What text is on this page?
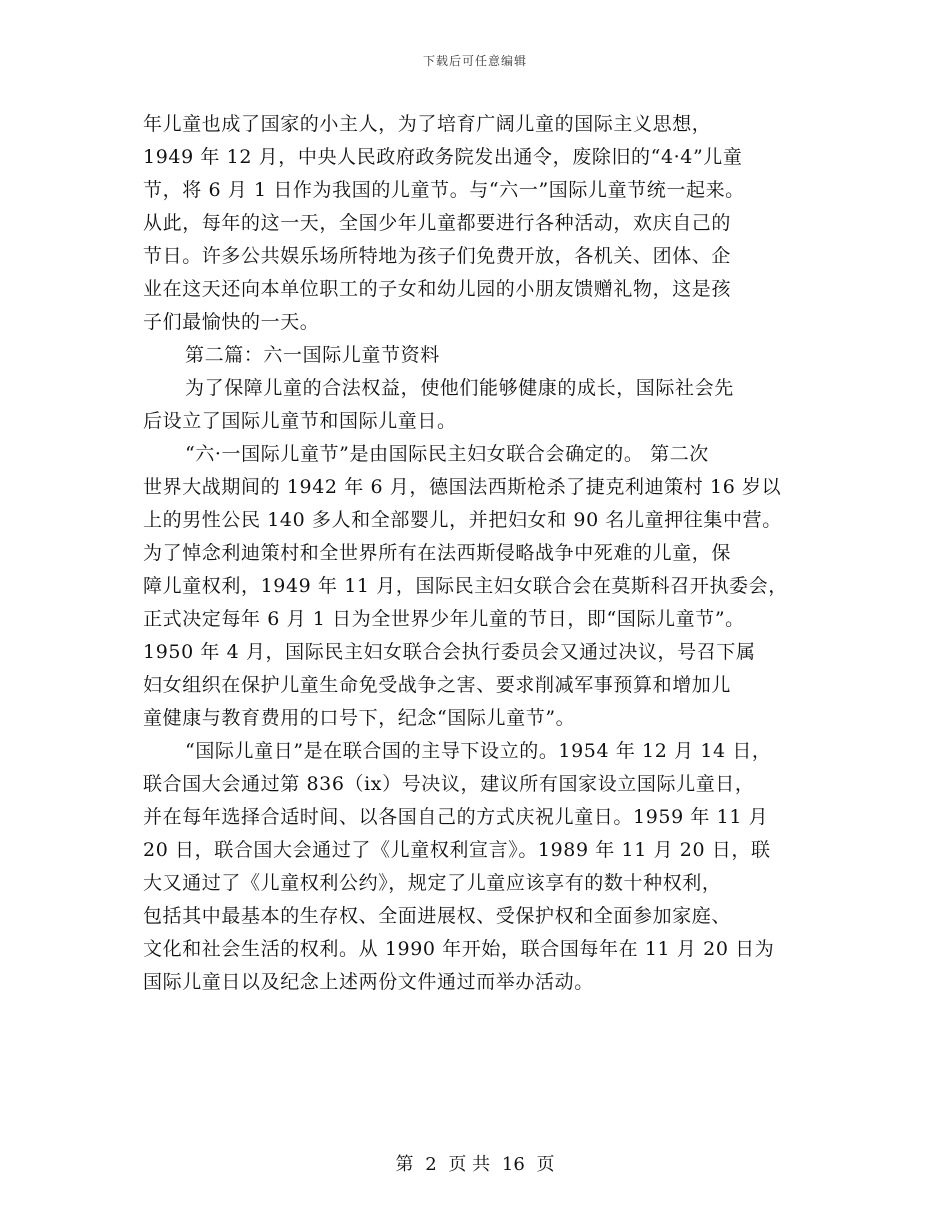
下载后可任意编辑
年儿童也成了国家的小主人，为了培育广阔儿童的国际主义思想，
1949 年 12 月，中央人民政府政务院发出通令，废除旧的“4·4”儿童
节，将 6 月 1 日作为我国的儿童节。与“六一”国际儿童节统一起来。
从此，每年的这一天，全国少年儿童都要进行各种活动，欢庆自己的
节日。许多公共娱乐场所特地为孩子们免费开放，各机关、团体、企
业在这天还向本单位职工的子女和幼儿园的小朋友馈赠礼物，这是孩
子们最愉快的一天。
第二篇：六一国际儿童节资料
为了保障儿童的合法权益，使他们能够健康的成长，国际社会先
后设立了国际儿童节和国际儿童日。
“六·一国际儿童节”是由国际民主妇女联合会确定的。 第二次
世界大战期间的 1942 年 6 月，德国法西斯枪杀了捷克利迪策村 16 岁以
上的男性公民 140 多人和全部婴儿，并把妇女和 90 名儿童押往集中营。
为了悼念利迪策村和全世界所有在法西斯侵略战争中死难的儿童，保
障儿童权利，1949 年 11 月，国际民主妇女联合会在莫斯科召开执委会，
正式决定每年 6 月 1 日为全世界少年儿童的节日，即“国际儿童节”。
1950 年 4 月，国际民主妇女联合会执行委员会又通过决议，号召下属
妇女组织在保护儿童生命免受战争之害、要求削减军事预算和增加儿
童健康与教育费用的口号下，纪念“国际儿童节”。
“国际儿童日”是在联合国的主导下设立的。1954 年 12 月 14 日，
联合国大会通过第 836（ix）号决议，建议所有国家设立国际儿童日，
并在每年选择合适时间、以各国自己的方式庆祝儿童日。1959 年 11 月
20 日，联合国大会通过了《儿童权利宣言》。1989 年 11 月 20 日，联
大又通过了《儿童权利公约》，规定了儿童应该享有的数十种权利，
包括其中最基本的生存权、全面进展权、受保护权和全面参加家庭、
文化和社会生活的权利。从 1990 年开始，联合国每年在 11 月 20 日为
国际儿童日以及纪念上述两份文件通过而举办活动。
第 2 页 共 16 页
